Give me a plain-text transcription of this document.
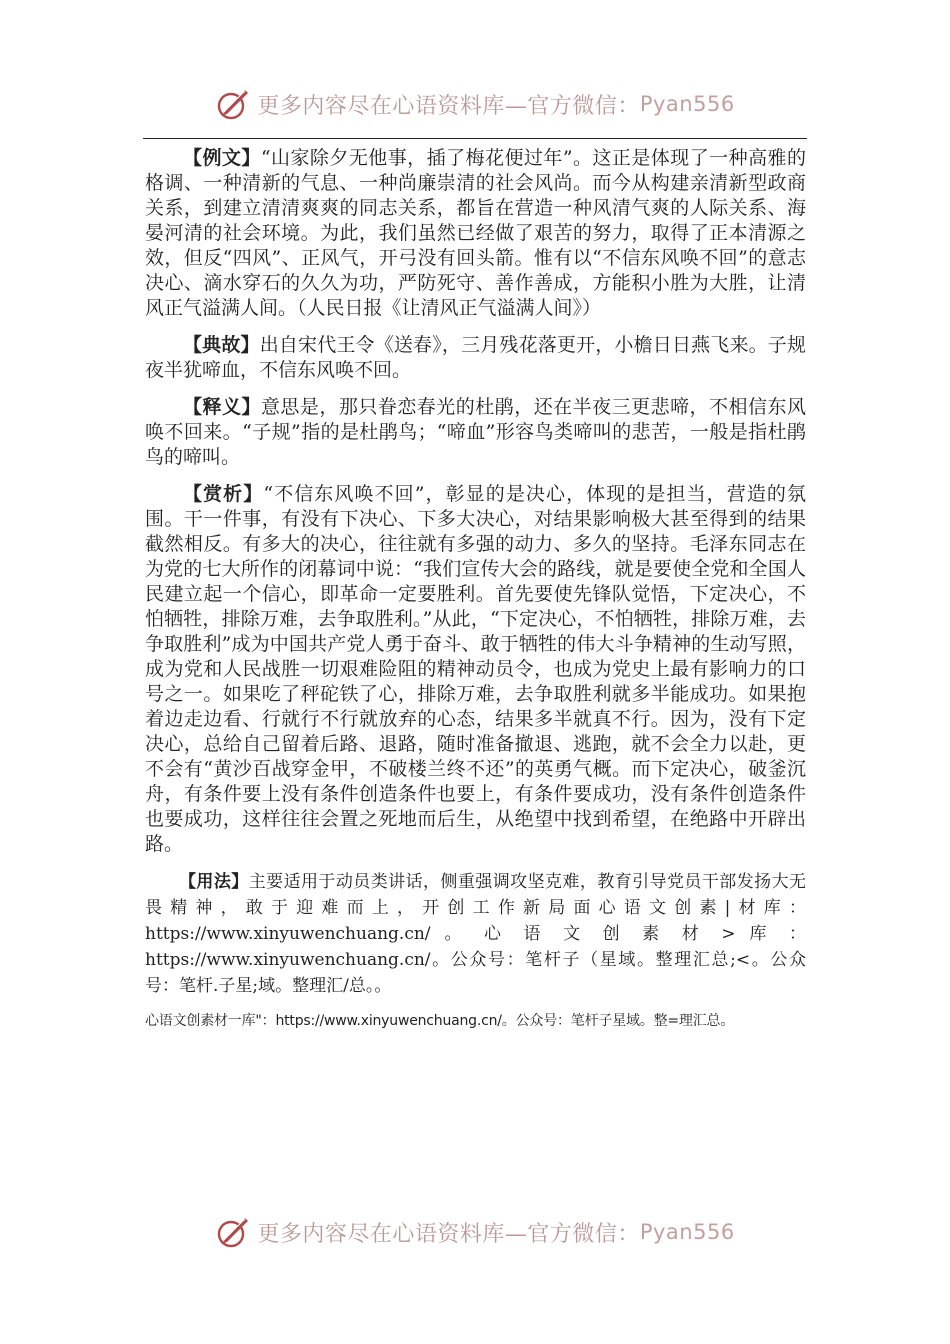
更多内容尽在心语资料库—官方微信： Pyan556

【例文】“山家除夕无他事，插了梅花便过年”。这正是体现了一种高雅的格调、一种清新的气息、一种尚廉崇清的社会风尚。而今从构建亲清新型政商关系，到建立清清爽爽的同志关系，都旨在营造一种风清气爽的人际关系、海晏河清的社会环境。为此，我们虽然已经做了艰苦的努力，取得了正本清源之效，但反“四风”、正风气，开弓没有回头箭。惟有以“不信东风唤不回”的意志决心、滴水穿石的久久为功，严防死守、善作善成，方能积小胜为大胜，让清风正气溢满人间。（人民日报《让清风正气溢满人间》）

【典故】出自宋代王令《送春》，三月残花落更开，小檐日日燕飞来。子规夜半犹啼血，不信东风唤不回。

【释义】意思是，那只眷恋春光的杜鹃，还在半夜三更悲啼，不相信东风唤不回来。“子规”指的是杜鹃鸟；“啼血”形容鸟类啼叫的悲苦，一般是指杜鹃鸟的啼叫。

【赏析】“不信东风唤不回”，彰显的是决心，体现的是担当，营造的氛围。干一件事，有没有下决心、下多大决心，对结果影响极大甚至得到的结果截然相反。有多大的决心，往往就有多强的动力、多久的坚持。毛泽东同志在为党的七大所作的闭幕词中说：“我们宣传大会的路线，就是要使全党和全国人民建立起一个信心，即革命一定要胜利。首先要使先锋队觉悟，下定决心，不怕牺牲，排除万难，去争取胜利。”从此，“下定决心，不怕牺牲，排除万难，去争取胜利”成为中国共产党人勇于奋斗、敢于牺牲的伟大斗争精神的生动写照，成为党和人民战胜一切艰难险阻的精神动员令，也成为党史上最有影响力的口号之一。如果吃了秤砣铁了心，排除万难，去争取胜利就多半能成功。如果抱着边走边看、行就行不行就放弃的心态，结果多半就真不行。因为，没有下定决心，总给自己留着后路、退路，随时准备撤退、逃跑，就不会全力以赴，更不会有“黄沙百战穿金甲，不破楼兰终不还”的英勇气概。而下定决心，破釜沉舟，有条件要上没有条件创造条件也要上，有条件要成功，没有条件创造条件也要成功，这样往往会置之死地而后生，从绝望中找到希望，在绝路中开辟出路。

【用法】主要适用于动员类讲话，侧重强调攻坚克难，教育引导党员干部发扬大无畏精神，敢于迎难而上，开创工作新局面心语文创素|材库：https://www.xinyuwenchuang.cn/ 。 心 语 文 创 素 材 > 库 ： https://www.xinyuwenchuang.cn/。公众号：笔杆子（星域。整理汇总;<。公众号：笔杆.子星;域。整理汇/总。。

心语文创素材一库"：https://www.xinyuwenchuang.cn/。公众号：笔杆子星域。整=理汇总。
更多内容尽在心语资料库—官方微信： Pyan556
